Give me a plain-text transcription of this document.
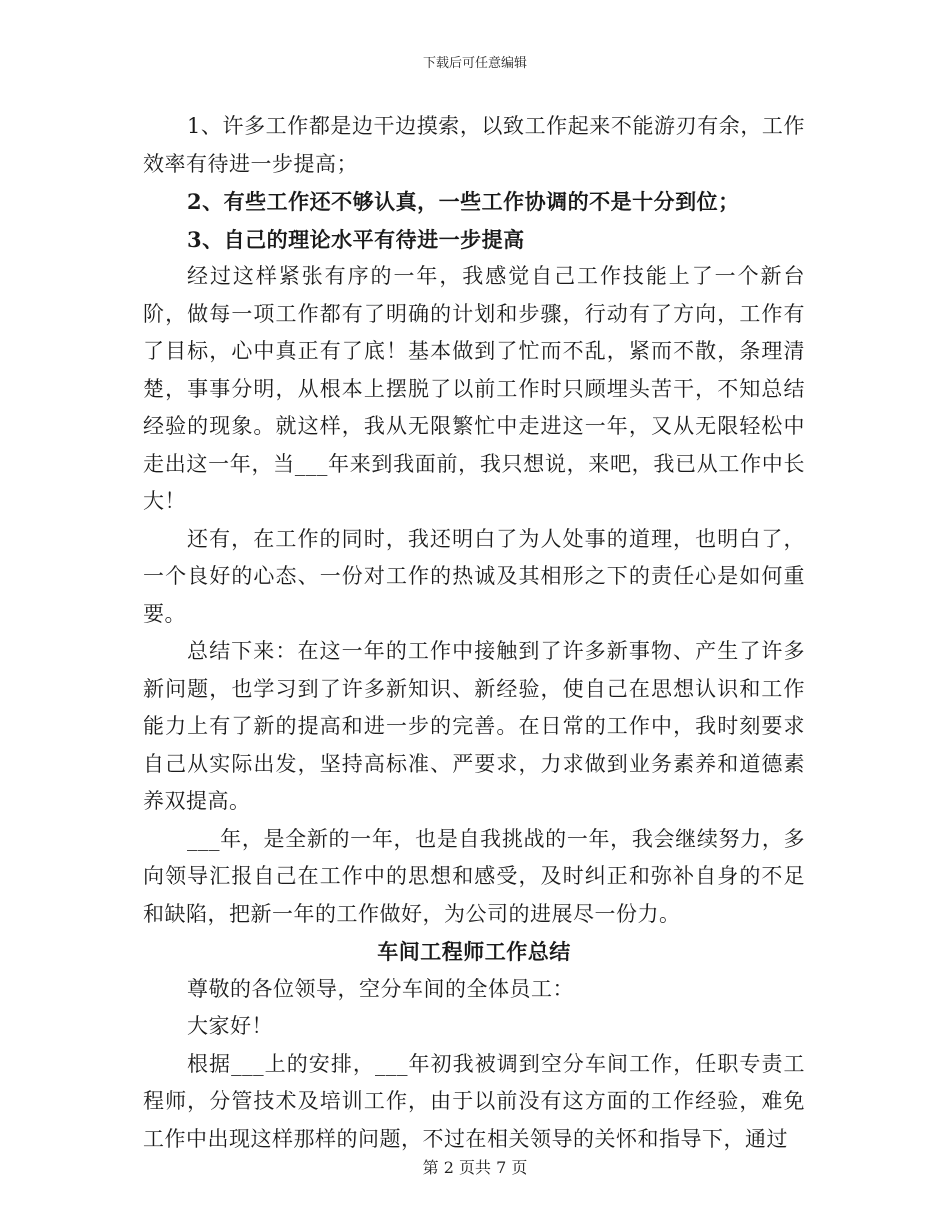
下载后可任意编辑

1、许多工作都是边干边摸索，以致工作起来不能游刃有余，工作效率有待进一步提高；

2、有些工作还不够认真，一些工作协调的不是十分到位；

3、自己的理论水平有待进一步提高

经过这样紧张有序的一年，我感觉自己工作技能上了一个新台阶，做每一项工作都有了明确的计划和步骤，行动有了方向，工作有了目标，心中真正有了底！基本做到了忙而不乱，紧而不散，条理清楚，事事分明，从根本上摆脱了以前工作时只顾埋头苦干，不知总结经验的现象。就这样，我从无限繁忙中走进这一年，又从无限轻松中走出这一年，当___年来到我面前，我只想说，来吧，我已从工作中长大！

还有，在工作的同时，我还明白了为人处事的道理，也明白了，一个良好的心态、一份对工作的热诚及其相形之下的责任心是如何重要。

总结下来：在这一年的工作中接触到了许多新事物、产生了许多新问题，也学习到了许多新知识、新经验，使自己在思想认识和工作能力上有了新的提高和进一步的完善。在日常的工作中，我时刻要求自己从实际出发，坚持高标准、严要求，力求做到业务素养和道德素养双提高。

___年，是全新的一年，也是自我挑战的一年，我会继续努力，多向领导汇报自己在工作中的思想和感受，及时纠正和弥补自身的不足和缺陷，把新一年的工作做好，为公司的进展尽一份力。

车间工程师工作总结

尊敬的各位领导，空分车间的全体员工：

大家好！

根据___上的安排，___年初我被调到空分车间工作，任职专责工程师，分管技术及培训工作，由于以前没有这方面的工作经验，难免工作中出现这样那样的问题，不过在相关领导的关怀和指导下，通过

第 2 页共 7 页
